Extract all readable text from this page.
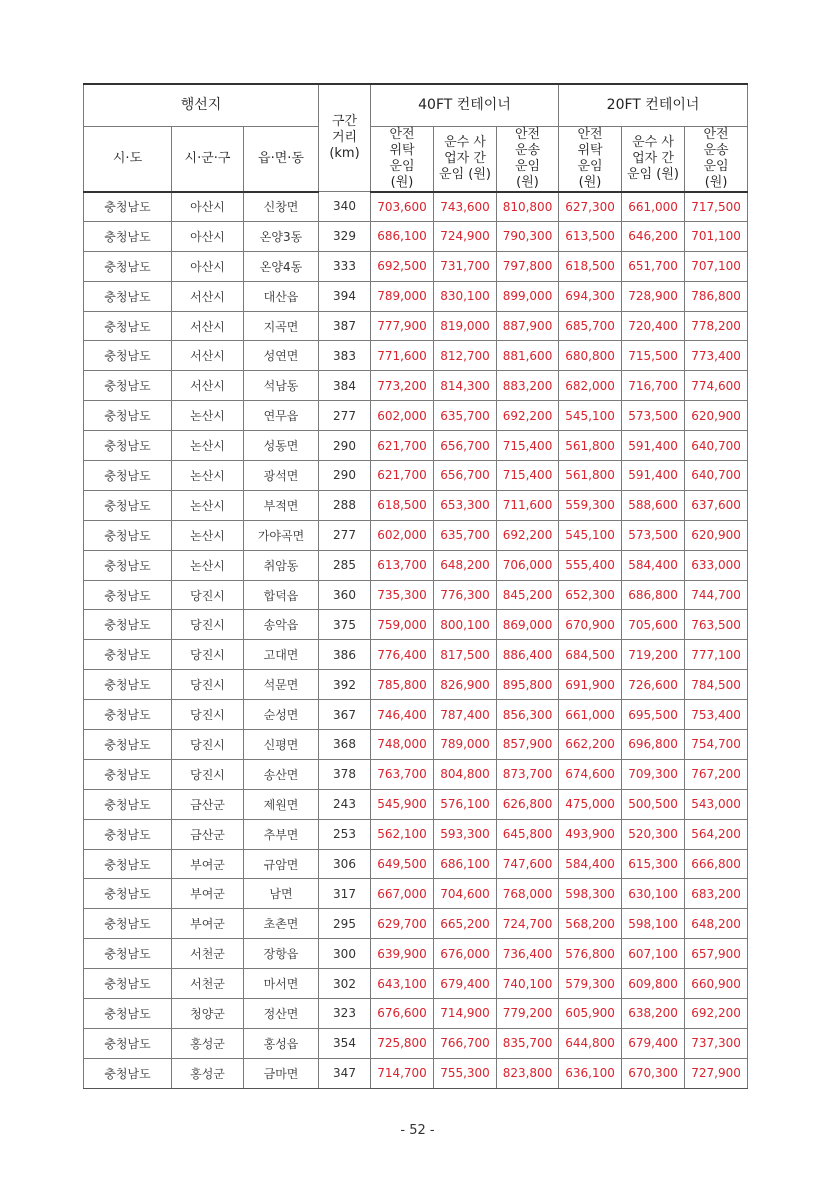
행선지			구간 거리 (km)	40FT 컨테이너			20FT 컨테이너		
시·도	시·군·구	읍·면·동		안전 위탁 운임 (원)	운수 사업자 간 운임 (원)	안전 운송 운임 (원)	안전 위탁 운임 (원)	운수 사업자 간 운임 (원)	안전 운송 운임 (원)
충청남도	아산시	신창면	340	703,600	743,600	810,800	627,300	661,000	717,500
충청남도	아산시	온양3동	329	686,100	724,900	790,300	613,500	646,200	701,100
충청남도	아산시	온양4동	333	692,500	731,700	797,800	618,500	651,700	707,100
충청남도	서산시	대산읍	394	789,000	830,100	899,000	694,300	728,900	786,800
충청남도	서산시	지곡면	387	777,900	819,000	887,900	685,700	720,400	778,200
충청남도	서산시	성연면	383	771,600	812,700	881,600	680,800	715,500	773,400
충청남도	서산시	석남동	384	773,200	814,300	883,200	682,000	716,700	774,600
충청남도	논산시	연무읍	277	602,000	635,700	692,200	545,100	573,500	620,900
충청남도	논산시	성동면	290	621,700	656,700	715,400	561,800	591,400	640,700
충청남도	논산시	광석면	290	621,700	656,700	715,400	561,800	591,400	640,700
충청남도	논산시	부적면	288	618,500	653,300	711,600	559,300	588,600	637,600
충청남도	논산시	가야곡면	277	602,000	635,700	692,200	545,100	573,500	620,900
충청남도	논산시	취암동	285	613,700	648,200	706,000	555,400	584,400	633,000
충청남도	당진시	합덕읍	360	735,300	776,300	845,200	652,300	686,800	744,700
충청남도	당진시	송악읍	375	759,000	800,100	869,000	670,900	705,600	763,500
충청남도	당진시	고대면	386	776,400	817,500	886,400	684,500	719,200	777,100
충청남도	당진시	석문면	392	785,800	826,900	895,800	691,900	726,600	784,500
충청남도	당진시	순성면	367	746,400	787,400	856,300	661,000	695,500	753,400
충청남도	당진시	신평면	368	748,000	789,000	857,900	662,200	696,800	754,700
충청남도	당진시	송산면	378	763,700	804,800	873,700	674,600	709,300	767,200
충청남도	금산군	제원면	243	545,900	576,100	626,800	475,000	500,500	543,000
충청남도	금산군	추부면	253	562,100	593,300	645,800	493,900	520,300	564,200
충청남도	부여군	규암면	306	649,500	686,100	747,600	584,400	615,300	666,800
충청남도	부여군	남면	317	667,000	704,600	768,000	598,300	630,100	683,200
충청남도	부여군	초촌면	295	629,700	665,200	724,700	568,200	598,100	648,200
충청남도	서천군	장항읍	300	639,900	676,000	736,400	576,800	607,100	657,900
충청남도	서천군	마서면	302	643,100	679,400	740,100	579,300	609,800	660,900
충청남도	청양군	정산면	323	676,600	714,900	779,200	605,900	638,200	692,200
충청남도	홍성군	홍성읍	354	725,800	766,700	835,700	644,800	679,400	737,300
충청남도	홍성군	금마면	347	714,700	755,300	823,800	636,100	670,300	727,900
- 52 -
